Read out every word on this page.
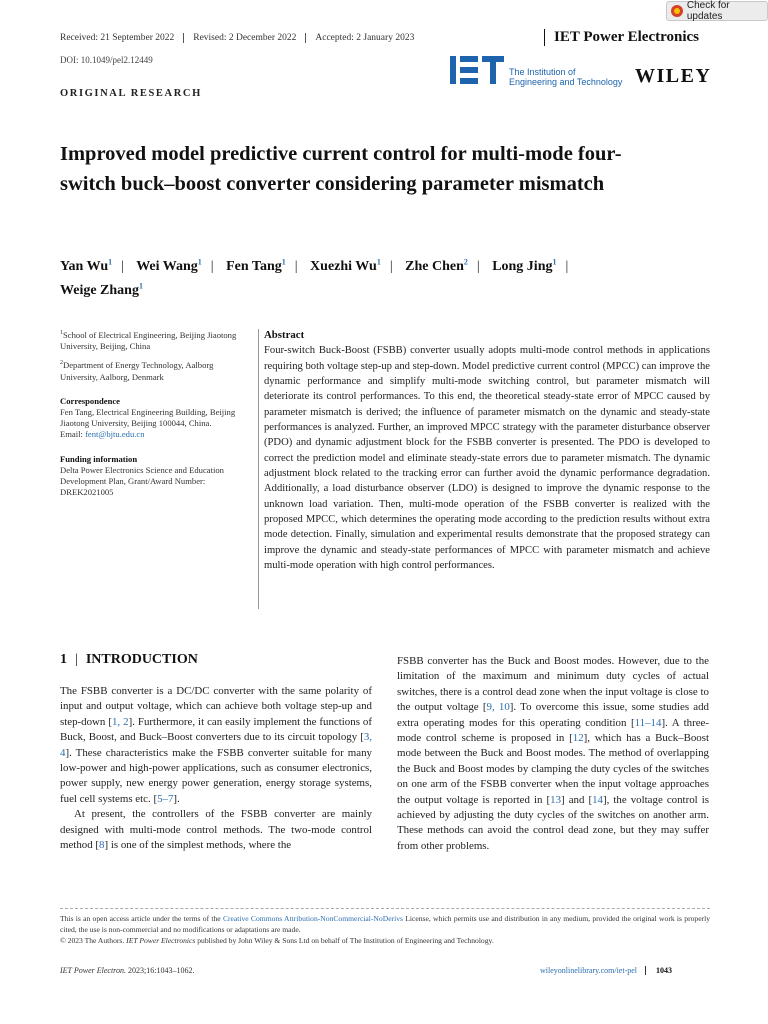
Check for updates
Received: 21 September 2022	Revised: 2 December 2022	Accepted: 2 January 2023	IET Power Electronics
DOI: 10.1049/pel2.12449
ORIGINAL RESEARCH
The Institution of
Engineering and Technology WILEY
Improved model predictive current control for multi-mode four-switch buck–boost converter considering parameter mismatch
Yan Wu$^1$ | Wei Wang$^1$ | Fen Tang$^1$ | Xuezhi Wu$^1$ | Zhe Chen$^2$ | Long Jing$^1$ |
Weige Zhang$^1$

$^1$School of Electrical Engineering, Beijing Jiaotong University, Beijing, China

$^2$Department of Energy Technology, Aalborg University, Aalborg, Denmark

Correspondence

Fen Tang, Electrical Engineering Building, Beijing Jiaotong University, Beijing 100044, China.

Email: fent@bjtu.edu.cn

Funding information

Delta Power Electronics Science and Education Development Plan, Grant/Award Number: DREK2021005

Abstract

Four-switch Buck-Boost (FSBB) converter usually adopts multi-mode control methods in applications requiring both voltage step-up and step-down. Model predictive current control (MPCC) can improve the dynamic performance and simplify multi-mode switching control, but parameter mismatch will deteriorate its control performances. To this end, the theoretical steady-state error of MPCC caused by parameter mismatch is derived; the influence of parameter mismatch on the dynamic and steady-state performances is analyzed. Further, an improved MPCC strategy with the parameter disturbance observer (PDO) and dynamic adjustment block for the FSBB converter is presented. The PDO is developed to correct the prediction model and eliminate steady-state errors due to parameter mismatch. The dynamic adjustment block related to the tracking error can further avoid the dynamic performance degradation. Additionally, a load disturbance observer (LDO) is designed to improve the dynamic response to the unknown load variation. Then, multi-mode operation of the FSBB converter is realized with the proposed MPCC, which determines the operating mode according to the prediction results without extra mode detection. Finally, simulation and experimental results demonstrate that the proposed strategy can improve the dynamic and steady-state performances of MPCC with parameter mismatch and achieve multi-mode operation with high control performances.

1 | INTRODUCTION

The FSBB converter is a DC/DC converter with the same polarity of input and output voltage, which can achieve both voltage step-up and step-down [1, 2]. Furthermore, it can easily implement the functions of Buck, Boost, and Buck–Boost converters due to its circuit topology [3, 4]. These characteristics make the FSBB converter suitable for many low-power and high-power applications, such as consumer electronics, power supply, new energy power generation, energy storage systems, fuel cell systems etc. [5–7].

At present, the controllers of the FSBB converter are mainly designed with multi-mode control methods. The two-mode control method [8] is one of the simplest methods, where the

FSBB converter has the Buck and Boost modes. However, due to the limitation of the maximum and minimum duty cycles of actual switches, there is a control dead zone when the input voltage is close to the output voltage [9, 10]. To overcome this issue, some studies add extra operating modes for this operating condition [11–14]. A three-mode control scheme is proposed in [12], which has a Buck–Boost mode between the Buck and Boost modes. The method of overlapping the Buck and Boost modes by clamping the duty cycles of the switches on one arm of the FSBB converter when the input voltage approaches the output voltage is reported in [13] and [14], the voltage control is achieved by adjusting the duty cycles of the switches on another arm. These methods can avoid the control dead zone, but they may suffer from other problems.

This is an open access article under the terms of the Creative Commons Attribution-NonCommercial-NoDerivs License, which permits use and distribution in any medium, provided the original work is properly cited, the use is non-commercial and no modifications or adaptations are made.

© 2023 The Authors. IET Power Electronics published by John Wiley & Sons Ltd on behalf of The Institution of Engineering and Technology.

IET Power Electron. 2023;16:1043–1062.	wileyonlinelibrary.com/iet-pel	1043
